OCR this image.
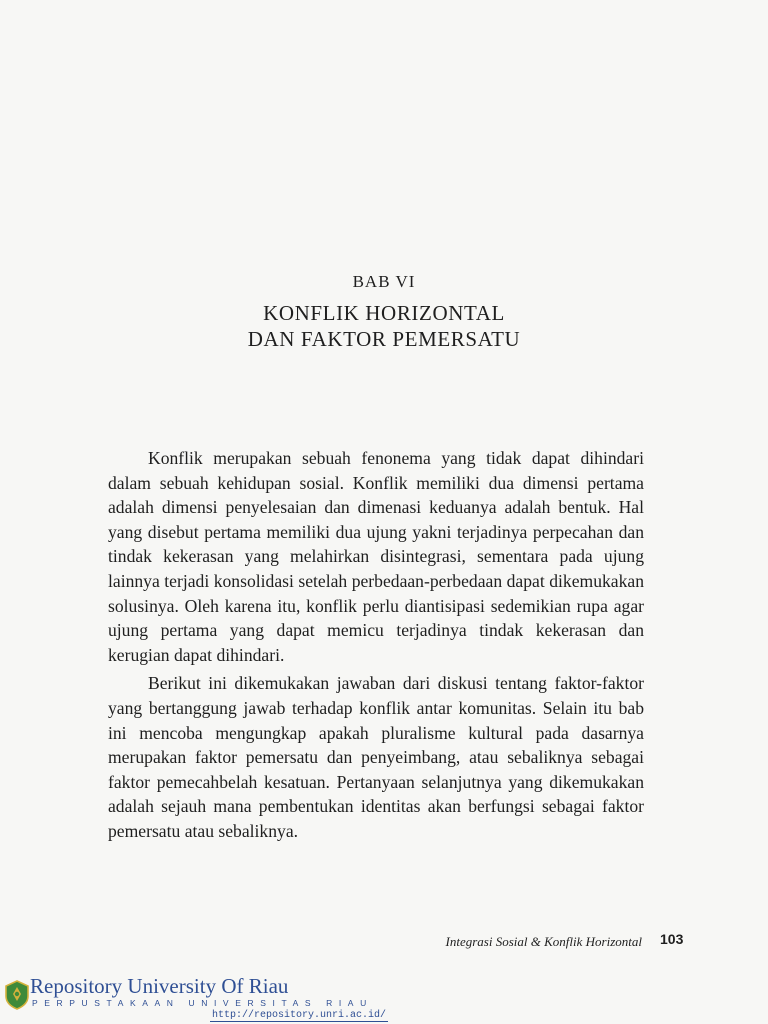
BAB VI
KONFLIK HORIZONTAL
DAN FAKTOR PEMERSATU

Konflik merupakan sebuah fenonema yang tidak dapat dihindari dalam sebuah kehidupan sosial. Konflik memiliki dua dimensi pertama adalah dimensi penyelesaian dan dimenasi keduanya adalah bentuk. Hal yang disebut pertama memiliki dua ujung yakni terjadinya perpecahan dan tindak kekerasan yang melahirkan disintegrasi, sementara pada ujung lainnya terjadi konsolidasi setelah perbedaan-perbedaan dapat dikemukakan solusinya. Oleh karena itu, konflik perlu diantisipasi sedemikian rupa agar ujung pertama yang dapat memicu terjadinya tindak kekerasan dan kerugian dapat dihindari.

Berikut ini dikemukakan jawaban dari diskusi tentang faktor-faktor yang bertanggung jawab terhadap konflik antar komunitas. Selain itu bab ini mencoba mengungkap apakah pluralisme kultural pada dasarnya merupakan faktor pemersatu dan penyeimbang, atau sebaliknya sebagai faktor pemecahbelah kesatuan. Pertanyaan selanjutnya yang dikemukakan adalah sejauh mana pembentukan identitas akan berfungsi sebagai faktor pemersatu atau sebaliknya.

Integrasi Sosial & Konflik Horizontal 103
Repository University Of Riau
PERPUSTAKAAN UNIVERSITAS RIAU
http://repository.unri.ac.id/
